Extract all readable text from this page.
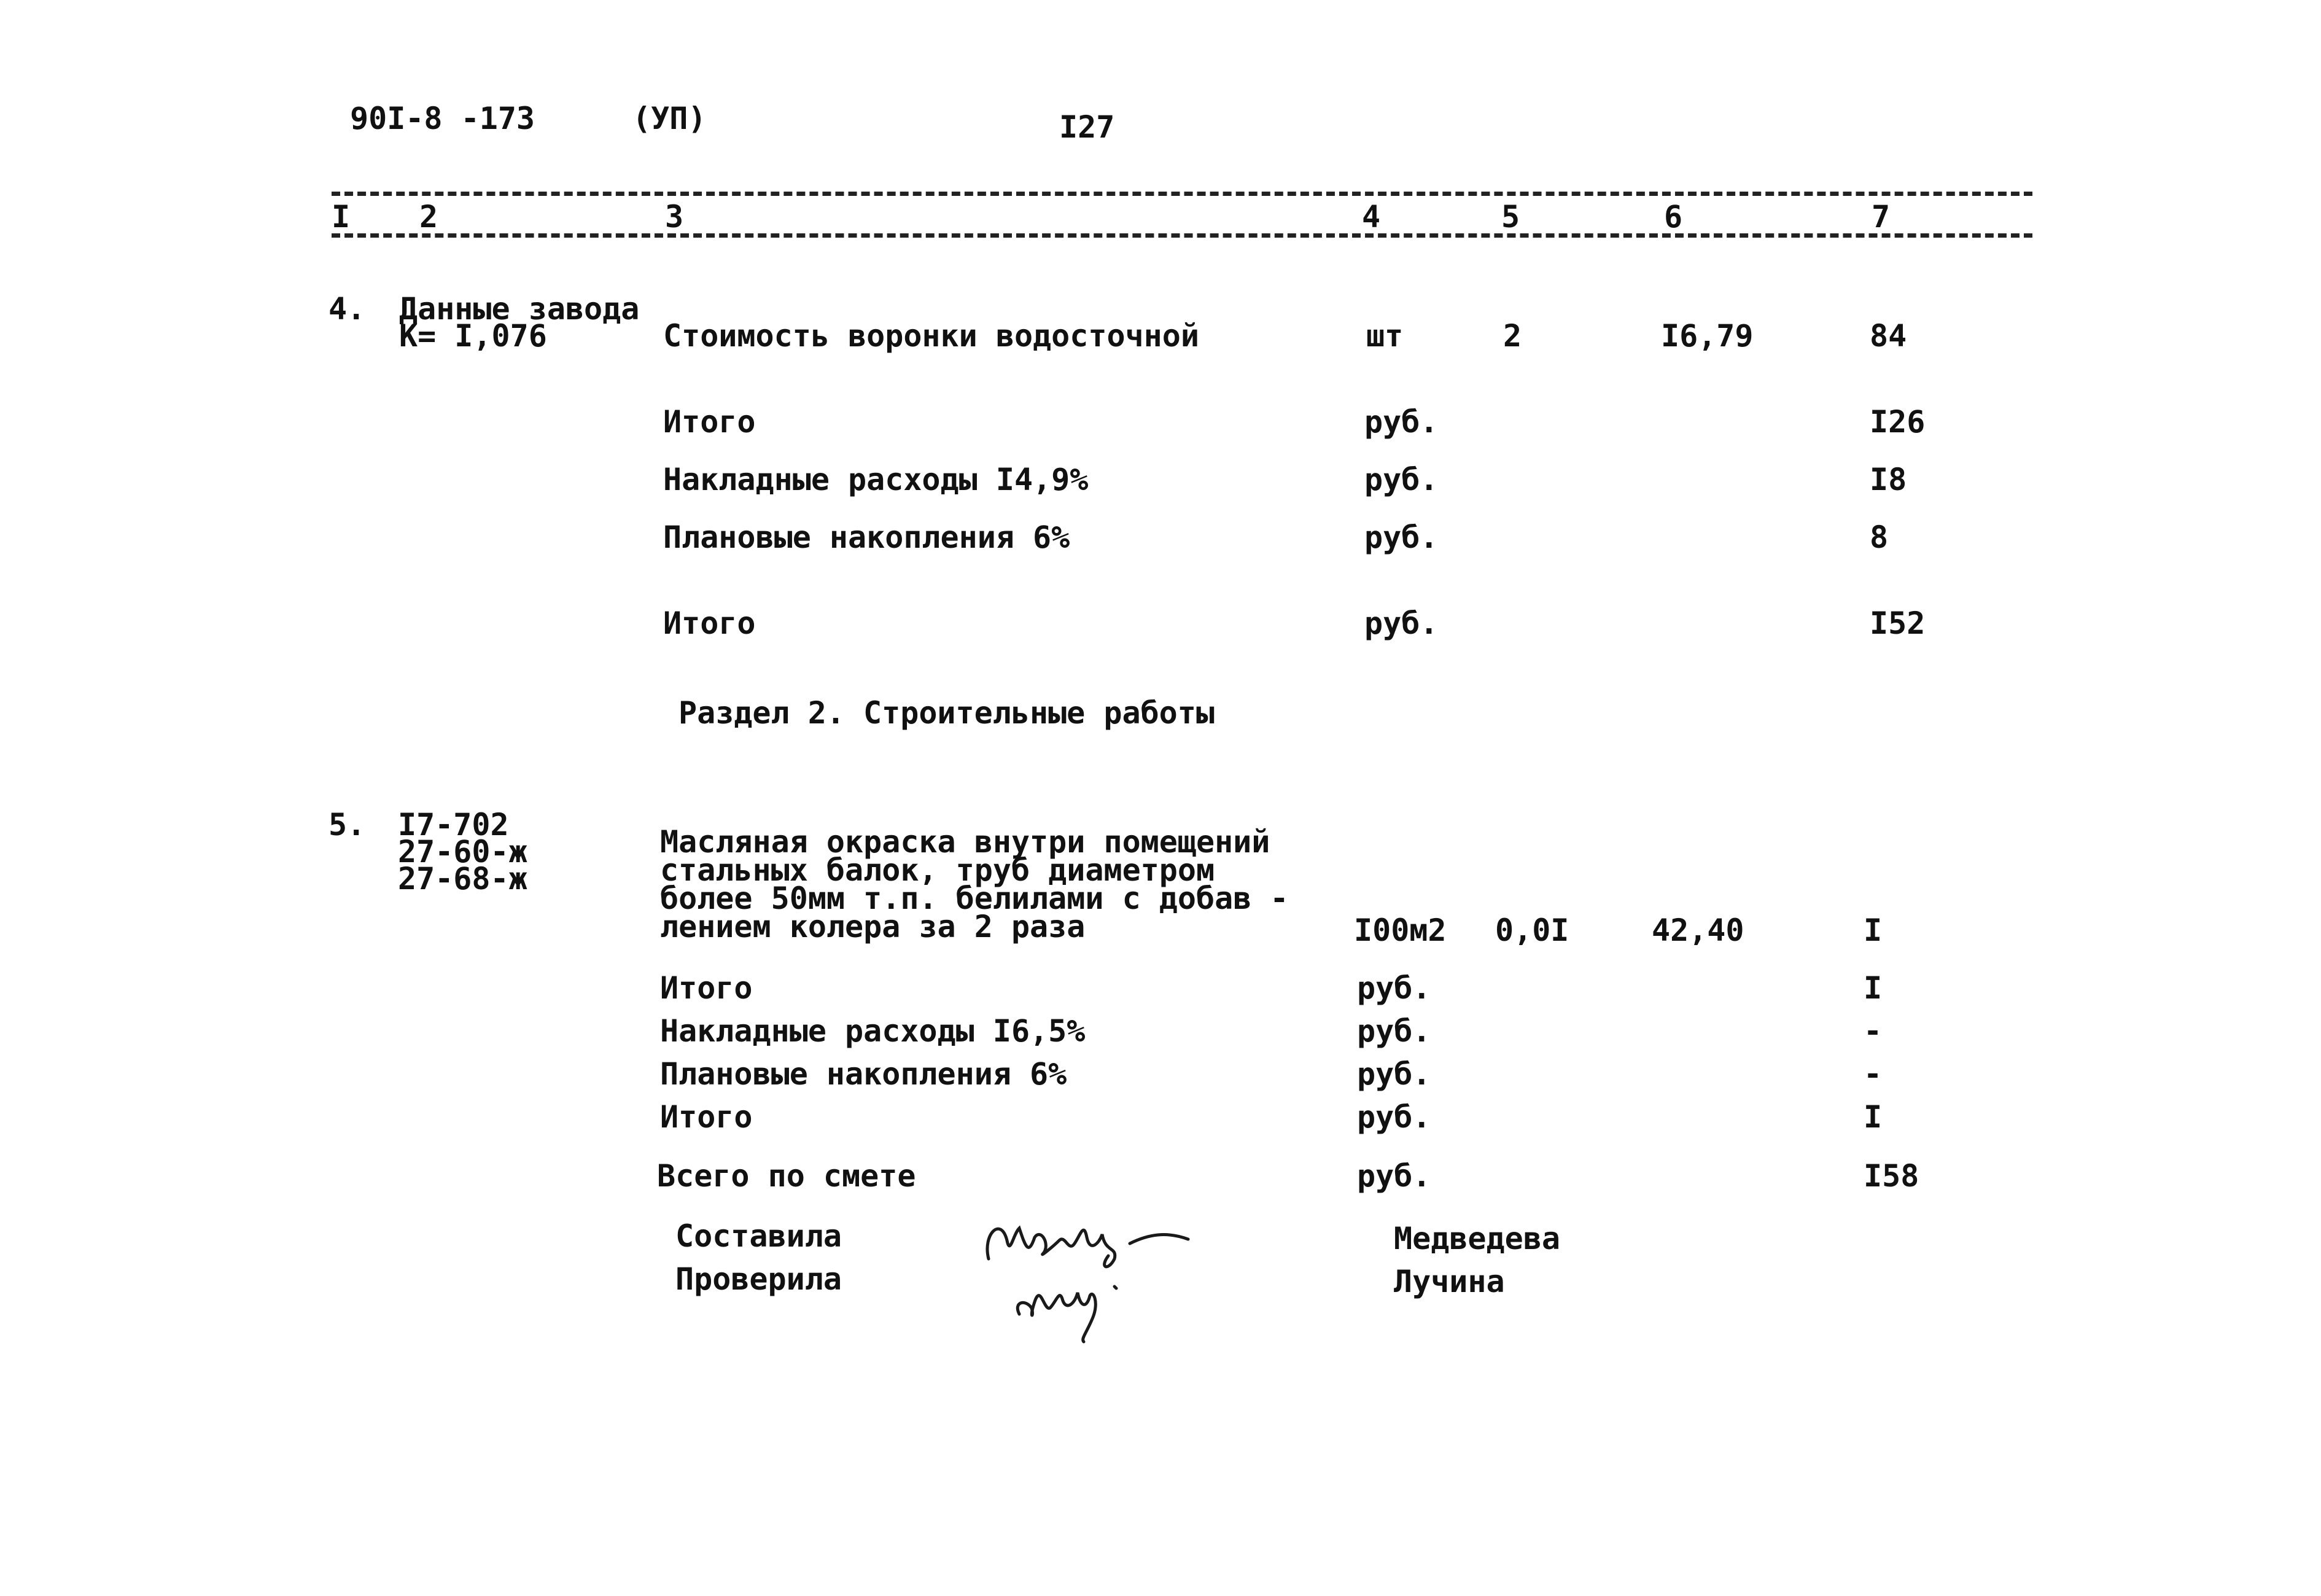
90I-8 -173	(УП)	I27
I 2	3	4	5	6	7
4. Данные завода
К= I,076	Стоимость воронки водосточной	шт	2	I6,79	84
Итого	руб.	I26
Накладные расходы I4,9%	руб.	I8
Плановые накопления 6%	руб.	8
Итого	руб.	I52
Раздел 2. Строительные работы
5. I7-702
27-60-ж
27-68-ж
Масляная окраска внутри помещений
стальных балок, труб диаметром
более 50мм т.п. белилами с добав -
лением колера за 2 раза	I00м2 0,0I	42,40	I
Итого	руб.	I
Накладные расходы I6,5%	руб.	-
Плановые накопления 6%	руб.	-
Итого	руб.	I
Всего по смете	руб.	I58
Составила
Проверила
Медведева
Лучина
